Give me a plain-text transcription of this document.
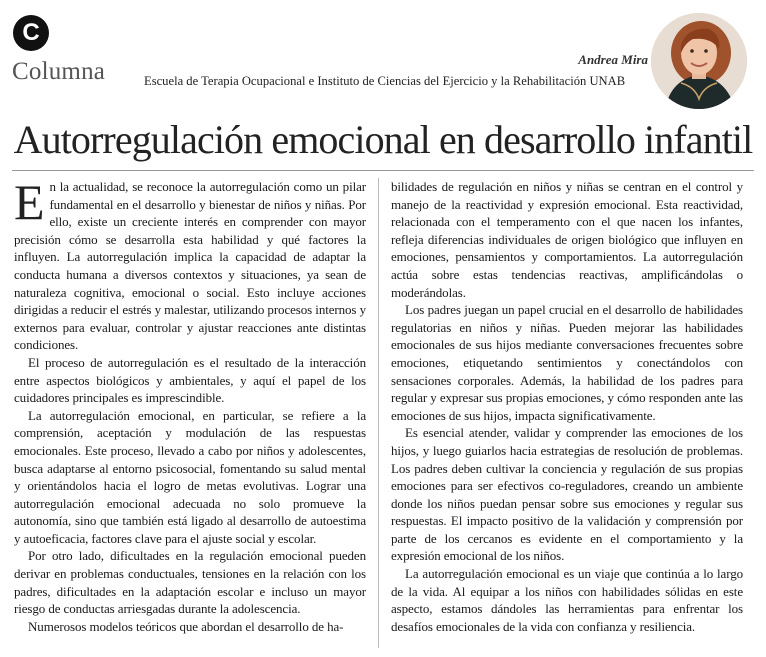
C
Columna	Andrea Mira
Escuela de Terapia Ocupacional e Instituto de Ciencias del Ejercicio y la Rehabilitación UNAB
Autorregulación emocional en desarrollo infantil

En la actualidad, se reconoce la autorregulación como un pilar fundamental en el desarrollo y bienestar de niños y niñas. Por ello, existe un creciente interés en comprender con mayor precisión cómo se desarrolla esta habilidad y qué factores la influyen. La autorregulación implica la capacidad de adaptar la conducta humana a diversos contextos y situaciones, ya sean de naturaleza cognitiva, emocional o social. Esto incluye acciones dirigidas a reducir el estrés y malestar, utilizando procesos internos y externos para evaluar, controlar y ajustar reacciones ante distintas condiciones.

El proceso de autorregulación es el resultado de la interacción entre aspectos biológicos y ambientales, y aquí el papel de los cuidadores principales es imprescindible.

La autorregulación emocional, en particular, se refiere a la comprensión, aceptación y modulación de las respuestas emocionales. Este proceso, llevado a cabo por niños y adolescentes, busca adaptarse al entorno psicosocial, fomentando su salud mental y orientándolos hacia el logro de metas evolutivas. Lograr una autorregulación emocional adecuada no solo promueve la autonomía, sino que también está ligado al desarrollo de autoestima y autoeficacia, factores clave para el ajuste social y escolar.

Por otro lado, dificultades en la regulación emocional pueden derivar en problemas conductuales, tensiones en la relación con los padres, dificultades en la adaptación escolar e incluso un mayor riesgo de conductas arriesgadas durante la adolescencia.

Numerosos modelos teóricos que abordan el desarrollo de ha-

bilidades de regulación en niños y niñas se centran en el control y manejo de la reactividad y expresión emocional. Esta reactividad, relacionada con el temperamento con el que nacen los infantes, refleja diferencias individuales de origen biológico que influyen en emociones, pensamientos y comportamientos. La autorregulación actúa sobre estas tendencias reactivas, amplificándolas o moderándolas.

Los padres juegan un papel crucial en el desarrollo de habilidades regulatorias en niños y niñas. Pueden mejorar las habilidades emocionales de sus hijos mediante conversaciones frecuentes sobre emociones, etiquetando sentimientos y conectándolos con sensaciones corporales. Además, la habilidad de los padres para regular y expresar sus propias emociones, y cómo responden ante las emociones de sus hijos, impacta significativamente.

Es esencial atender, validar y comprender las emociones de los hijos, y luego guiarlos hacia estrategias de resolución de problemas. Los padres deben cultivar la conciencia y regulación de sus propias emociones para ser efectivos co-reguladores, creando un ambiente donde los niños puedan pensar sobre sus emociones y regular sus respuestas. El impacto positivo de la validación y comprensión por parte de los cercanos es evidente en el comportamiento y la expresión emocional de los niños.

La autorregulación emocional es un viaje que continúa a lo largo de la vida. Al equipar a los niños con habilidades sólidas en este aspecto, estamos dándoles las herramientas para enfrentar los desafíos emocionales de la vida con confianza y resiliencia.
